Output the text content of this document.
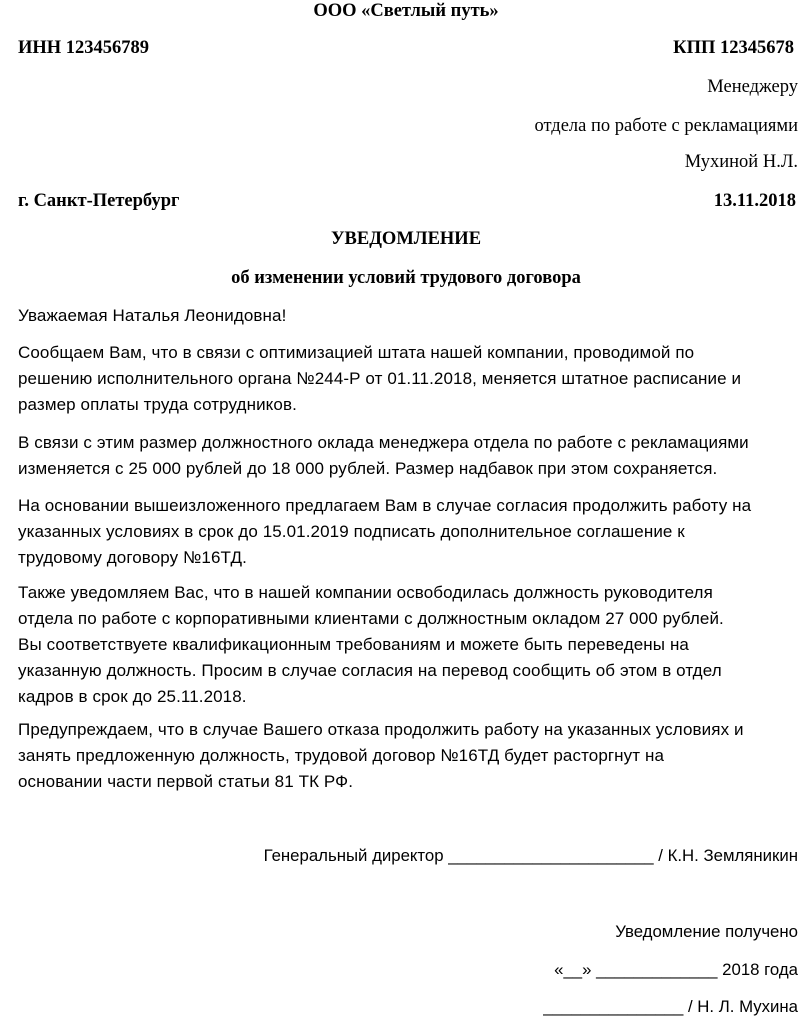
ООО «Светлый путь»
ИНН 123456789	КПП 12345678
Менеджеру
отдела по работе с рекламациями
Мухиной Н.Л.
г. Санкт-Петербург	13.11.2018
УВЕДОМЛЕНИЕ
об изменении условий трудового договора
Уважаемая Наталья Леонидовна!
Сообщаем Вам, что в связи с оптимизацией штата нашей компании, проводимой по
решению исполнительного органа №244-Р от 01.11.2018, меняется штатное расписание и
размер оплаты труда сотрудников.
В связи с этим размер должностного оклада менеджера отдела по работе с рекламациями
изменяется с 25 000 рублей до 18 000 рублей. Размер надбавок при этом сохраняется.
На основании вышеизложенного предлагаем Вам в случае согласия продолжить работу на
указанных условиях в срок до 15.01.2019 подписать дополнительное соглашение к
трудовому договору №16ТД.
Также уведомляем Вас, что в нашей компании освободилась должность руководителя
отдела по работе с корпоративными клиентами с должностным окладом 27 000 рублей.
Вы соответствуете квалификационным требованиям и можете быть переведены на
указанную должность. Просим в случае согласия на перевод сообщить об этом в отдел
кадров в срок до 25.11.2018.
Предупреждаем, что в случае Вашего отказа продолжить работу на указанных условиях и
занять предложенную должность, трудовой договор №16ТД будет расторгнут на
основании части первой статьи 81 ТК РФ.
Генеральный директор ______________________ / К.Н. Земляникин
Уведомление получено
«__» _____________ 2018 года
_______________ / Н. Л. Мухина
